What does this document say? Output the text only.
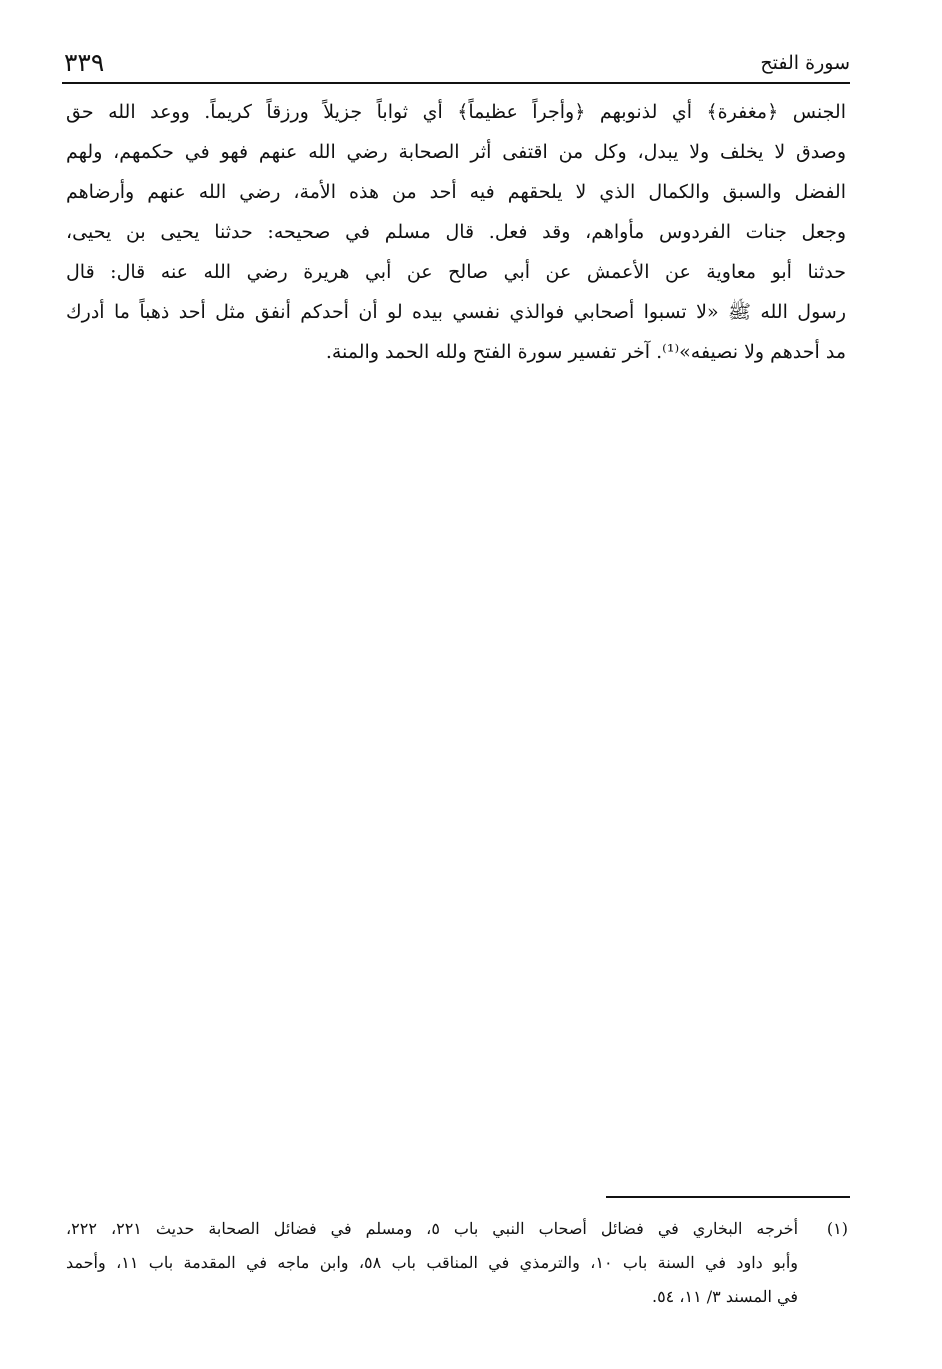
سورة الفتح
٣٣٩
الجنس ﴿مغفرة﴾ أي لذنوبهم ﴿وأجراً عظيماً﴾ أي ثواباً جزيلاً ورزقاً كريماً. ووعد الله حق
وصدق لا يخلف ولا يبدل، وكل من اقتفى أثر الصحابة رضي الله عنهم فهو في حكمهم، ولهم
الفضل والسبق والكمال الذي لا يلحقهم فيه أحد من هذه الأمة، رضي الله عنهم وأرضاهم
وجعل جنات الفردوس مأواهم، وقد فعل. قال مسلم في صحيحه: حدثنا يحيى بن يحيى،
حدثنا أبو معاوية عن الأعمش عن أبي صالح عن أبي هريرة رضي الله عنه قال: قال
رسول الله ﷺ «لا تسبوا أصحابي فوالذي نفسي بيده لو أن أحدكم أنفق مثل أحد ذهباً ما أدرك
مد أحدهم ولا نصيفه»⁽¹⁾. آخر تفسير سورة الفتح ولله الحمد والمنة.
(١)
أخرجه البخاري في فضائل أصحاب النبي باب ٥، ومسلم في فضائل الصحابة حديث ٢٢١، ٢٢٢،
وأبو داود في السنة باب ١٠، والترمذي في المناقب باب ٥٨، وابن ماجه في المقدمة باب ١١، وأحمد
في المسند ٣/ ١١، ٥٤.
